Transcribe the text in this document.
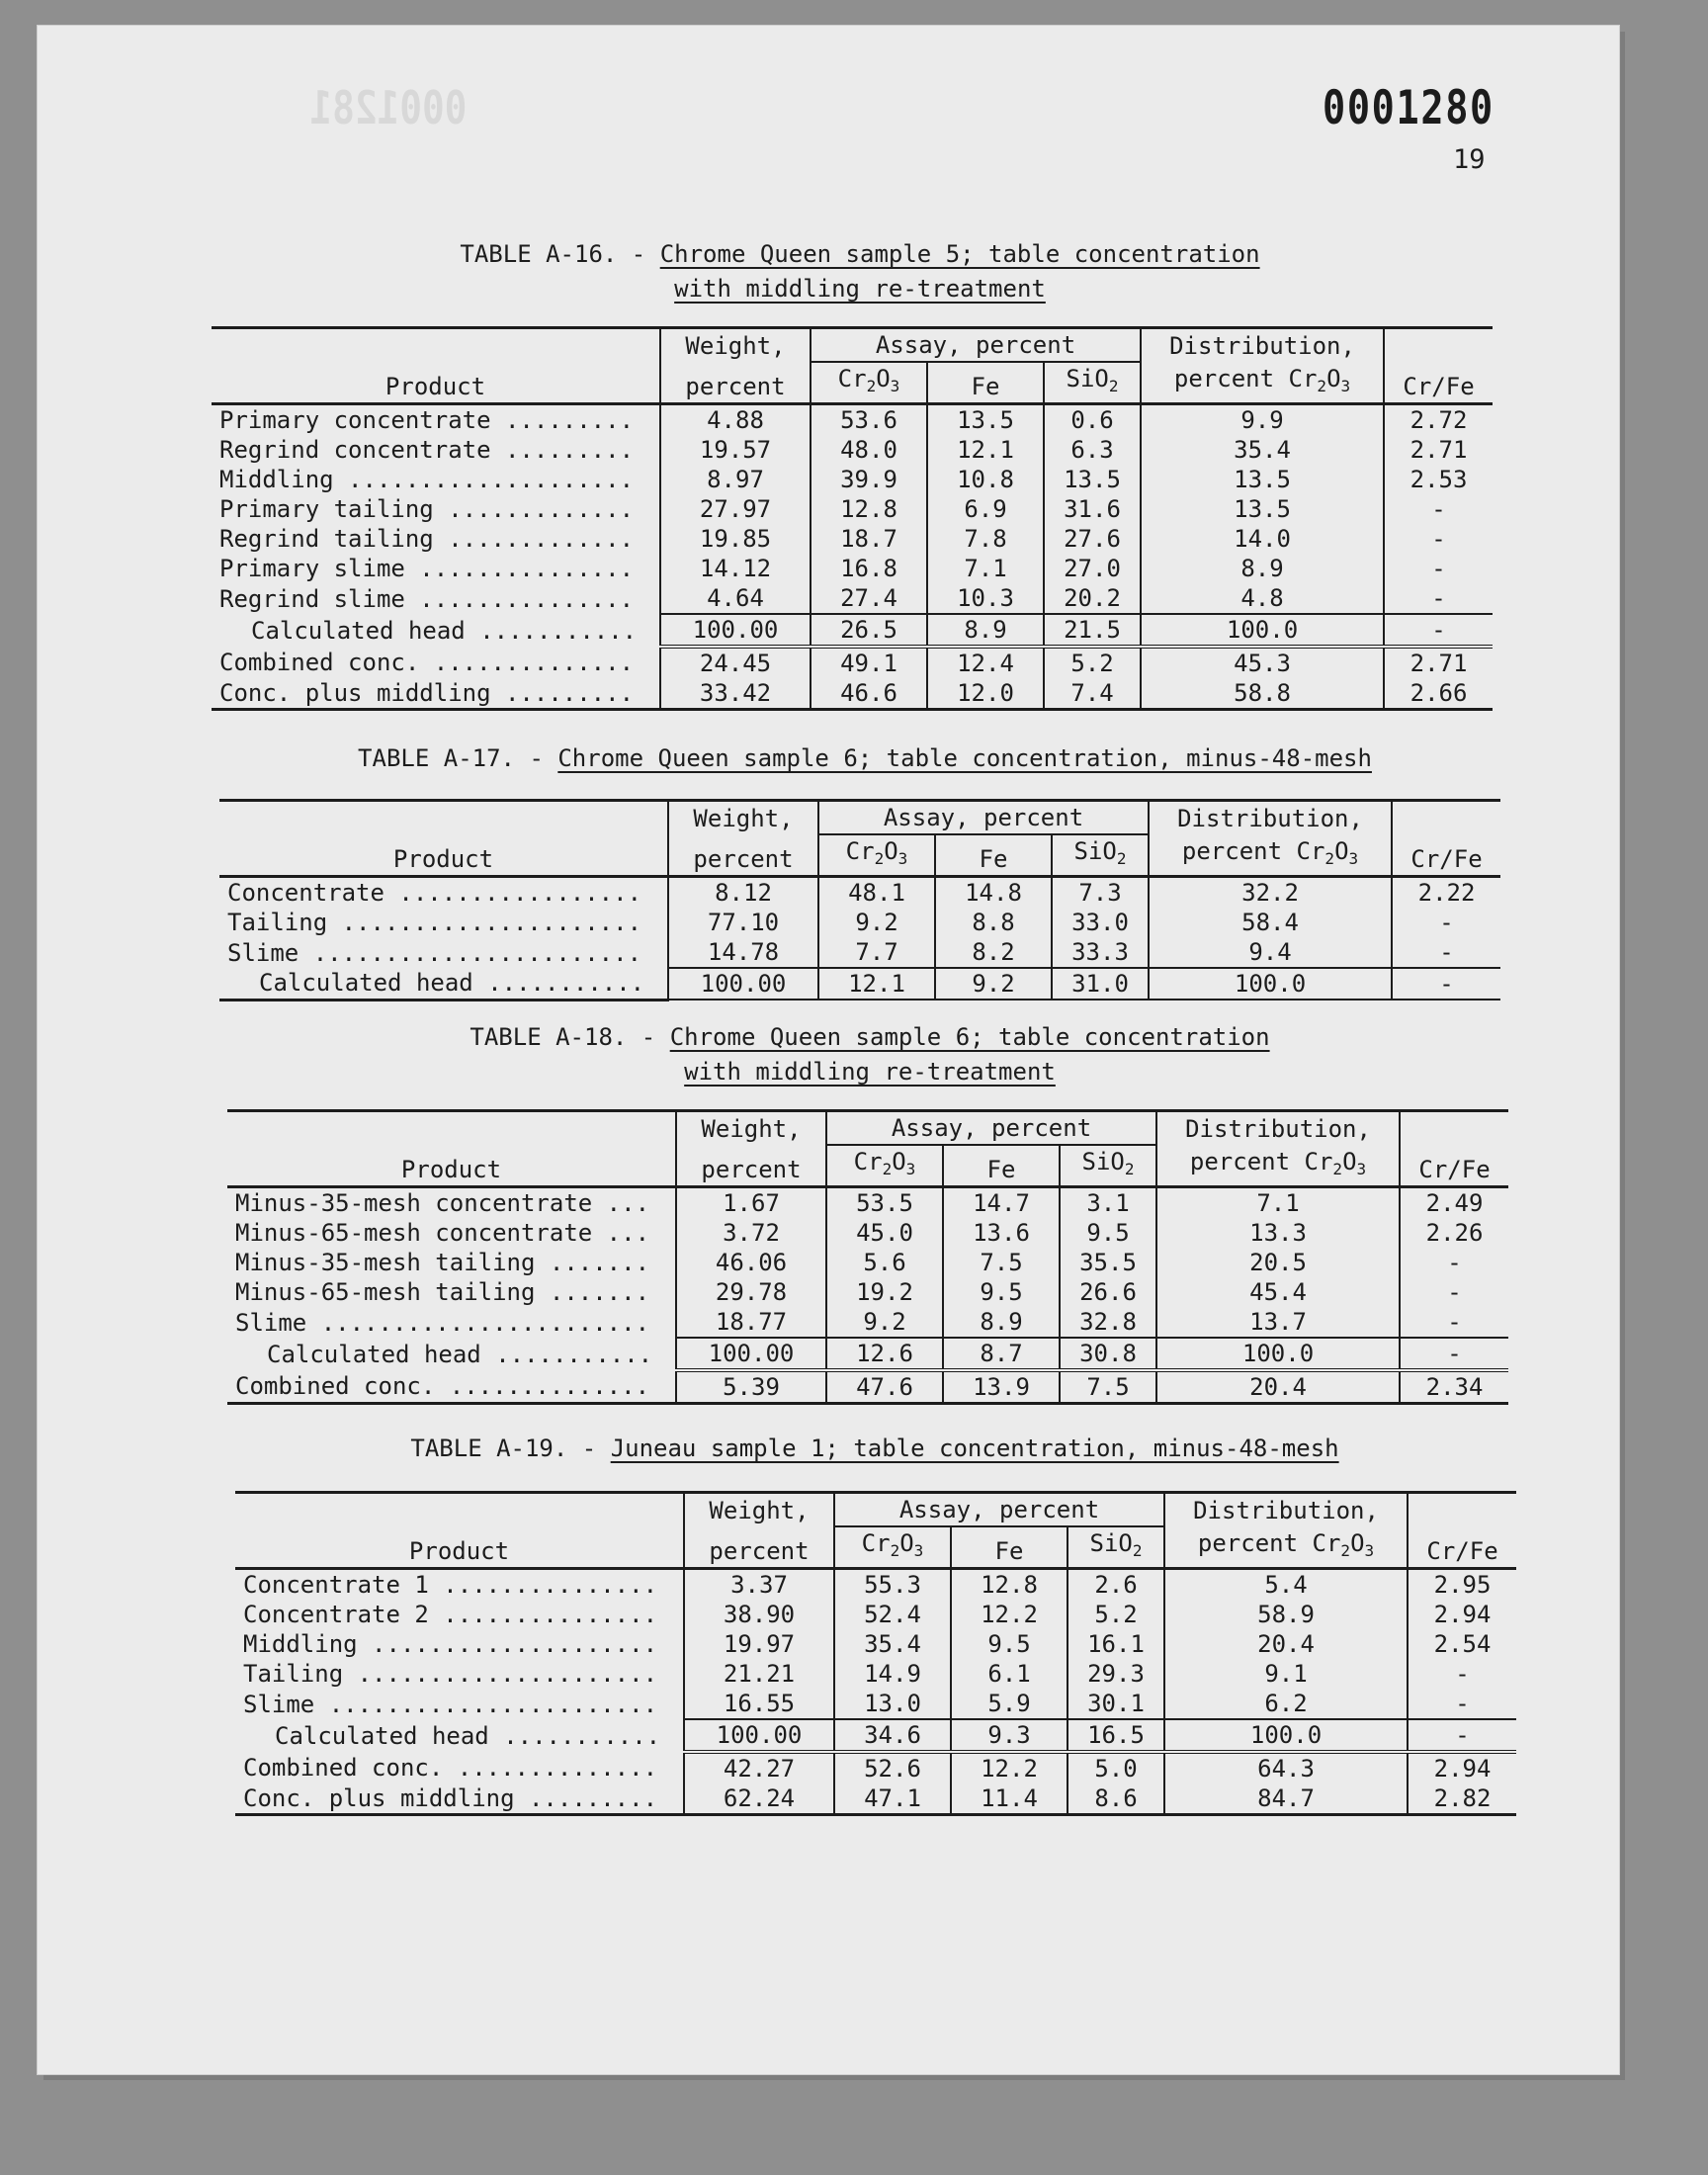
0001281	0001280
19
TABLE A-16. - Chrome Queen sample 5; table concentration
with middling re-treatment
Product	Weight,	Assay, percent			Distribution,	Cr/Fe
	percent	$Cr_2O_3$	Fe	SiO$_2$	percent $Cr_2O_3$
Primary concentrate .........	4.88	53.6	13.5	0.6	9.9	2.72
Regrind concentrate .........	19.57	48.0	12.1	6.3	35.4	2.71
Middling ....................	8.97	39.9	10.8	13.5	13.5	2.53
Primary tailing .............	27.97	12.8	6.9	31.6	13.5	-
Regrind tailing .............	19.85	18.7	7.8	27.6	14.0	-
Primary slime ...............	14.12	16.8	7.1	27.0	8.9	-
Regrind slime ...............	4.64	27.4	10.3	20.2	4.8	-
Calculated head ...........	100.00	26.5	8.9	21.5	100.0	-
Combined conc. ..............	24.45	49.1	12.4	5.2	45.3	2.71
Conc. plus middling .........	33.42	46.6	12.0	7.4	58.8	2.66
TABLE A-17. - Chrome Queen sample 6; table concentration, minus-48-mesh
Product	Weight,	Assay, percent			Distribution,	Cr/Fe
	percent	$Cr_2O_3$	Fe	SiO$_2$	percent $Cr_2O_3$
Concentrate .................	8.12	48.1	14.8	7.3	32.2	2.22
Tailing .....................	77.10	9.2	8.8	33.0	58.4	-
Slime .......................	14.78	7.7	8.2	33.3	9.4	-
Calculated head ...........	100.00	12.1	9.2	31.0	100.0	-
TABLE A-18. - Chrome Queen sample 6; table concentration
with middling re-treatment
Product	Weight,	Assay, percent			Distribution,	Cr/Fe
	percent	$Cr_2O_3$	Fe	SiO$_2$	percent $Cr_2O_3$
Minus-35-mesh concentrate ...	1.67	53.5	14.7	3.1	7.1	2.49
Minus-65-mesh concentrate ...	3.72	45.0	13.6	9.5	13.3	2.26
Minus-35-mesh tailing .......	46.06	5.6	7.5	35.5	20.5	-
Minus-65-mesh tailing .......	29.78	19.2	9.5	26.6	45.4	-
Slime .......................	18.77	9.2	8.9	32.8	13.7	-
Calculated head ...........	100.00	12.6	8.7	30.8	100.0	-
Combined conc. ..............	5.39	47.6	13.9	7.5	20.4	2.34
TABLE A-19. - Juneau sample 1; table concentration, minus-48-mesh
Product	Weight,	Assay, percent			Distribution,	Cr/Fe
	percent	$Cr_2O_3$	Fe	SiO$_2$	percent $Cr_2O_3$
Concentrate 1 ...............	3.37	55.3	12.8	2.6	5.4	2.95
Concentrate 2 ...............	38.90	52.4	12.2	5.2	58.9	2.94
Middling ....................	19.97	35.4	9.5	16.1	20.4	2.54
Tailing .....................	21.21	14.9	6.1	29.3	9.1	-
Slime .......................	16.55	13.0	5.9	30.1	6.2	-
Calculated head ...........	100.00	34.6	9.3	16.5	100.0	-
Combined conc. ..............	42.27	52.6	12.2	5.0	64.3	2.94
Conc. plus middling .........	62.24	47.1	11.4	8.6	84.7	2.82
